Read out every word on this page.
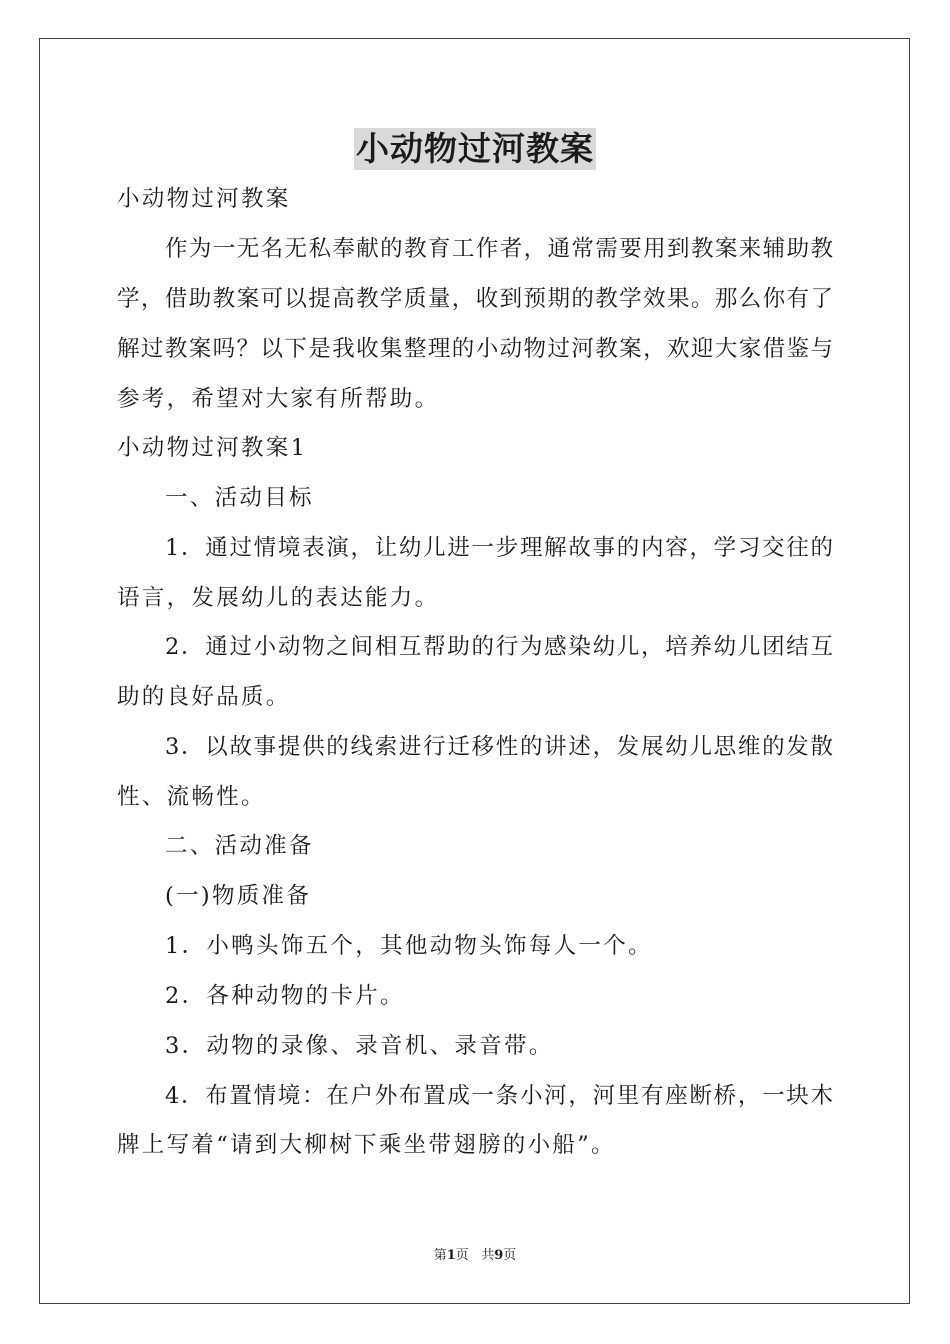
小动物过河教案
小动物过河教案
作为一无名无私奉献的教育工作者，通常需要用到教案来辅助教
学，借助教案可以提高教学质量，收到预期的教学效果。那么你有了
解过教案吗？以下是我收集整理的小动物过河教案，欢迎大家借鉴与
参考，希望对大家有所帮助。
小动物过河教案1
一、活动目标
1．通过情境表演，让幼儿进一步理解故事的内容，学习交往的
语言，发展幼儿的表达能力。
2．通过小动物之间相互帮助的行为感染幼儿，培养幼儿团结互
助的良好品质。
3．以故事提供的线索进行迁移性的讲述，发展幼儿思维的发散
性、流畅性。
二、活动准备
(一)物质准备
1．小鸭头饰五个，其他动物头饰每人一个。
2．各种动物的卡片。
3．动物的录像、录音机、录音带。
4．布置情境：在户外布置成一条小河，河里有座断桥，一块木
牌上写着“请到大柳树下乘坐带翅膀的小船”。
第1页 共9页
